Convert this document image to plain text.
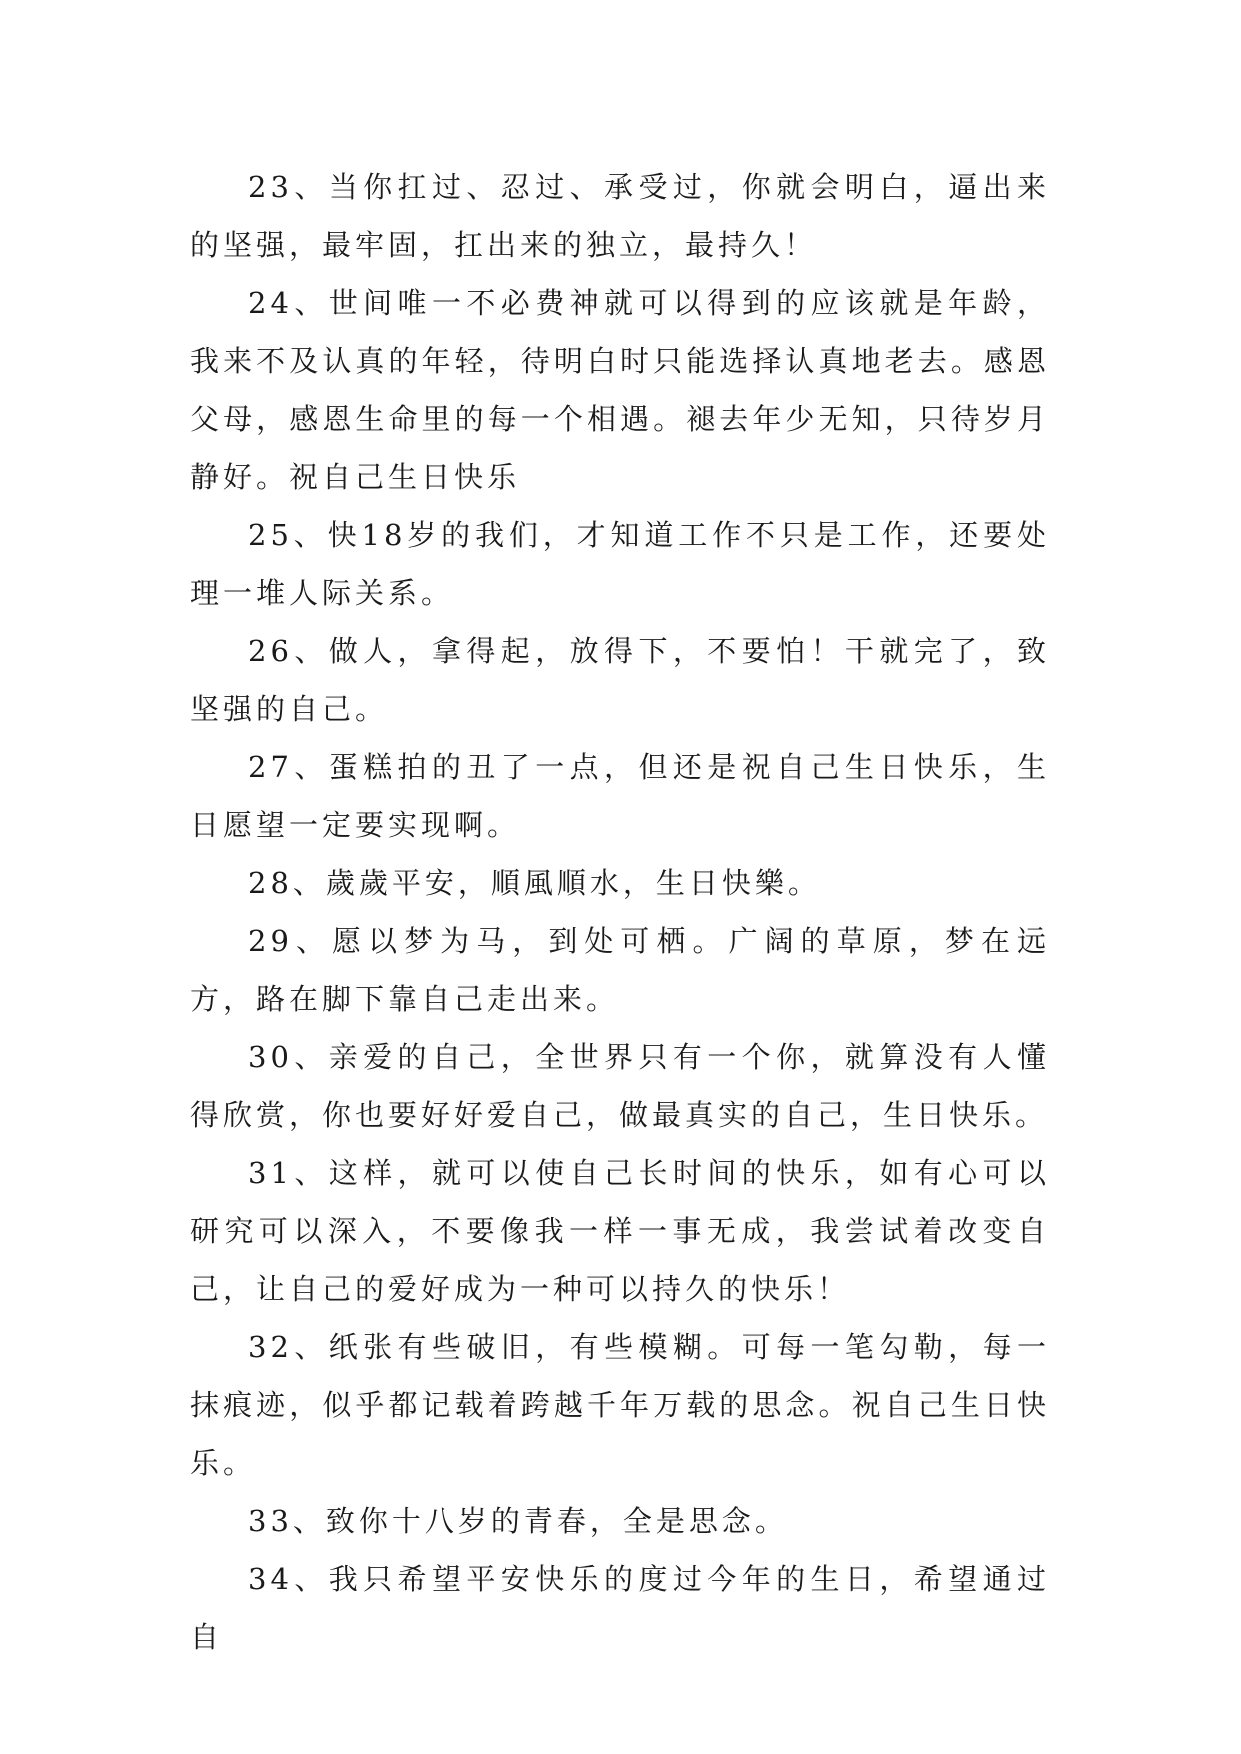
23、当你扛过、忍过、承受过，你就会明白，逼出来的坚强，最牢固，扛出来的独立，最持久！

24、世间唯一不必费神就可以得到的应该就是年龄，我来不及认真的年轻，待明白时只能选择认真地老去。感恩父母，感恩生命里的每一个相遇。褪去年少无知，只待岁月静好。祝自己生日快乐

25、快18岁的我们，才知道工作不只是工作，还要处理一堆人际关系。

26、做人，拿得起，放得下，不要怕！干就完了，致坚强的自己。

27、蛋糕拍的丑了一点，但还是祝自己生日快乐，生日愿望一定要实现啊。

28、歲歲平安，順風順水，生日快樂。

29、愿以梦为马，到处可栖。广阔的草原，梦在远方，路在脚下靠自己走出来。

30、亲爱的自己，全世界只有一个你，就算没有人懂得欣赏，你也要好好爱自己，做最真实的自己，生日快乐。

31、这样，就可以使自己长时间的快乐，如有心可以研究可以深入，不要像我一样一事无成，我尝试着改变自己，让自己的爱好成为一种可以持久的快乐！

32、纸张有些破旧，有些模糊。可每一笔勾勒，每一抹痕迹，似乎都记载着跨越千年万载的思念。祝自己生日快乐。

33、致你十八岁的青春，全是思念。

34、我只希望平安快乐的度过今年的生日，希望通过自
